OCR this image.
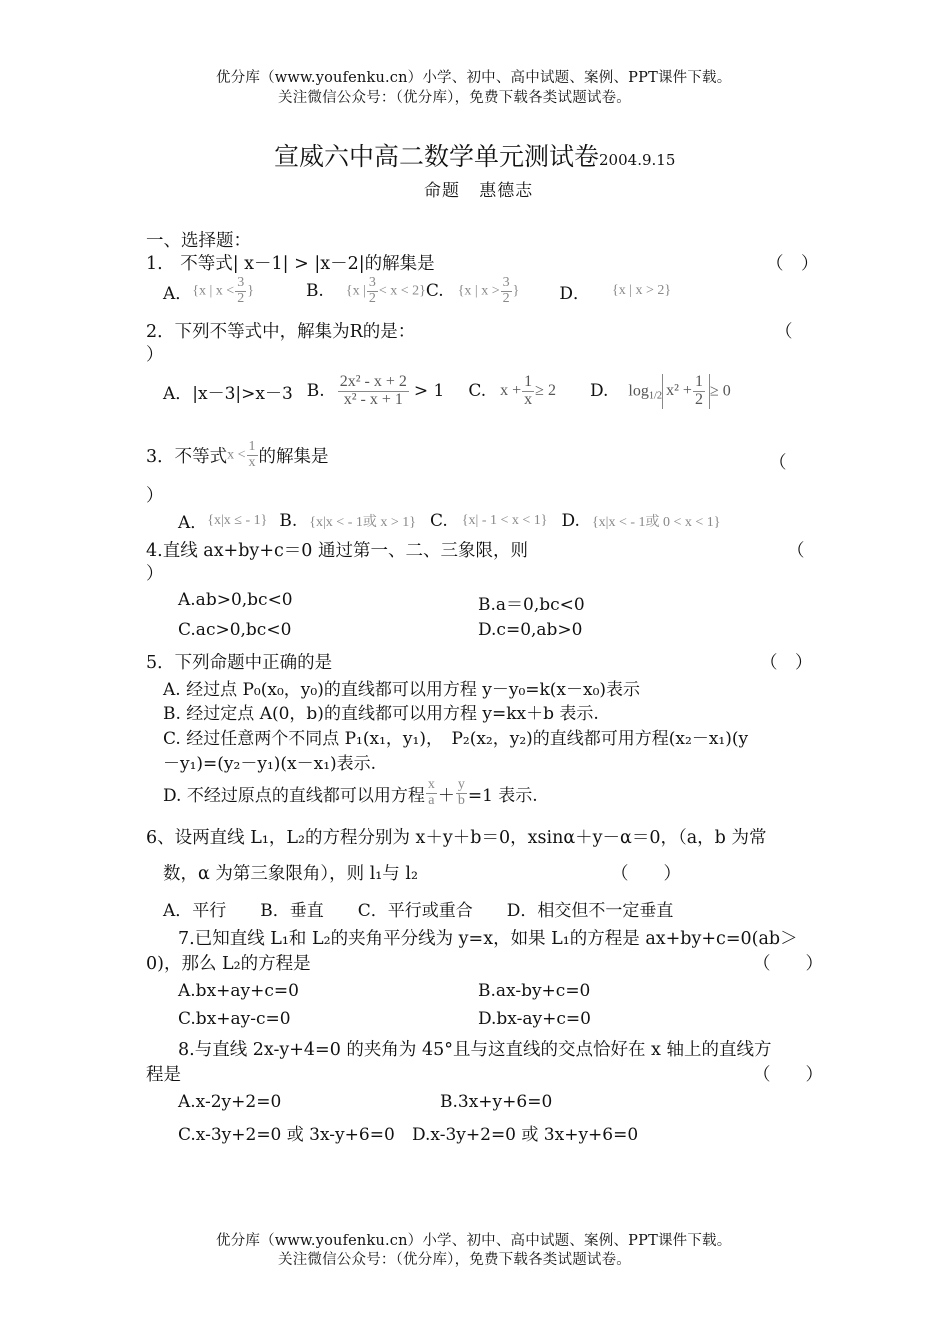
优分库（www.youfenku.cn）小学、初中、高中试题、案例、PPT课件下载。
关注微信公众号：（优分库），免费下载各类试题试卷。
宣威六中高二数学单元测试卷2004.9.15
命题 惠德志
一、选择题：
1.　不等式| x－1| > |x－2|的解集是	（　）
A． {x | $x < \frac{3}{2}$ }	B. {x | $\frac{3}{2} < x < 2$} C. {x | $x > \frac{3}{2}$ } D． {x | x > 2}
2．下列不等式中，解集为R的是：	（
）
A．|x－3|>x－3 B. $\frac{\text{2x² - x + 2}}{\text{x² - x + 1}} > 1$ C. $x + \frac{1}{x} \ge 2$ D. $\log_{1/2} x^2 + \frac{1}{2} \ge 0$
3．不等式 $x < \frac{1}{x}$ 的解集是	（
）
A． {x|x ≤ - 1} B. {x|x < - 1或 x > 1} C. {x| - 1 < x < 1} D. {x|x < - 1或 0 < x < 1}
4.直线 ax+by+c＝0 通过第一、二、三象限，则	（
）
A.ab>0,bc<0	B.a＝0,bc<0
C.ac>0,bc<0	D.c=0,ab>0
5．下列命题中正确的是	（　）
A. 经过点 P₀(x₀，y₀)的直线都可以用方程 y－y₀=k(x－x₀)表示
B. 经过定点 A(0，b)的直线都可以用方程 y=kx＋b 表示.
C. 经过任意两个不同点 P₁(x₁，y₁)，　P₂(x₂，y₂)的直线都可用方程(x₂－x₁)(y
－y₁)=(y₂－y₁)(x－x₁)表示.
D. 不经过原点的直线都可以用方程 $\frac{x}{a} + \frac{y}{b} =1$ 表示.
6、设两直线 L₁，L₂的方程分别为 x＋y＋b＝0，xsinα＋y－α＝0，（a，b 为常
数，α 为第三象限角），则 l₁与 l₂	（　　）
A．平行　　B．垂直　　C．平行或重合　　D．相交但不一定垂直
7.已知直线 L₁和 L₂的夹角平分线为 y=x，如果 L₁的方程是 ax+by+c=0(ab＞
0)，那么 L₂的方程是	（　　）
A.bx+ay+c=0	B.ax-by+c=0
C.bx+ay-c=0	D.bx-ay+c=0
8.与直线 2x-y+4=0 的夹角为 45°且与这直线的交点恰好在 x 轴上的直线方
程是	（　　）
A.x-2y+2=0	B.3x+y+6=0
C.x-3y+2=0 或 3x-y+6=0 D.x-3y+2=0 或 3x+y+6=0
优分库（www.youfenku.cn）小学、初中、高中试题、案例、PPT课件下载。
关注微信公众号：（优分库），免费下载各类试题试卷。
